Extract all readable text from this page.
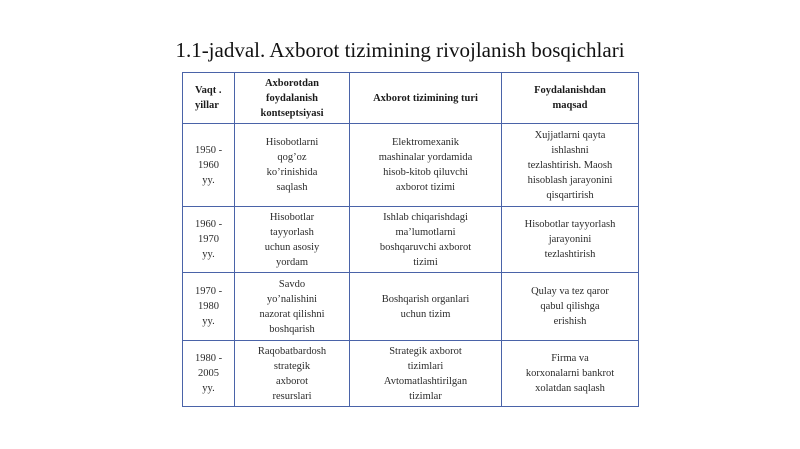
1.1-jadval. Axborot tizimining rivojlanish bosqichlari
Vaqt .
yillar	Axborotdan
foydalanish
kontseptsiyasi	Axborot tizimining turi	Foydalanishdan
maqsad

1950 -
1960
yy.	Hisobotlarni
qog’oz
ko’rinishida
saqlash	Elektromexanik
mashinalar yordamida
hisob-kitob qiluvchi
axborot tizimi	Xujjatlarni qayta
ishlashni
tezlashtirish. Maosh
hisoblash jarayonini
qisqartirish

1960 -
1970
yy.	Hisobotlar
tayyorlash
uchun asosiy
yordam	Ishlab chiqarishdagi
ma’lumotlarni
boshqaruvchi axborot
tizimi	Hisobotlar tayyorlash
jarayonini
tezlashtirish

1970 -
1980
yy.	Savdo
yo’nalishini
nazorat qilishni
boshqarish	Boshqarish organlari
uchun tizim	Qulay va tez qaror
qabul qilishga
erishish

1980 -
2005
yy.	Raqobatbardosh
strategik
axborot
resurslari	Strategik axborot
tizimlari
Avtomatlashtirilgan
tizimlar	Firma va
korxonalarni bankrot
xolatdan saqlash
